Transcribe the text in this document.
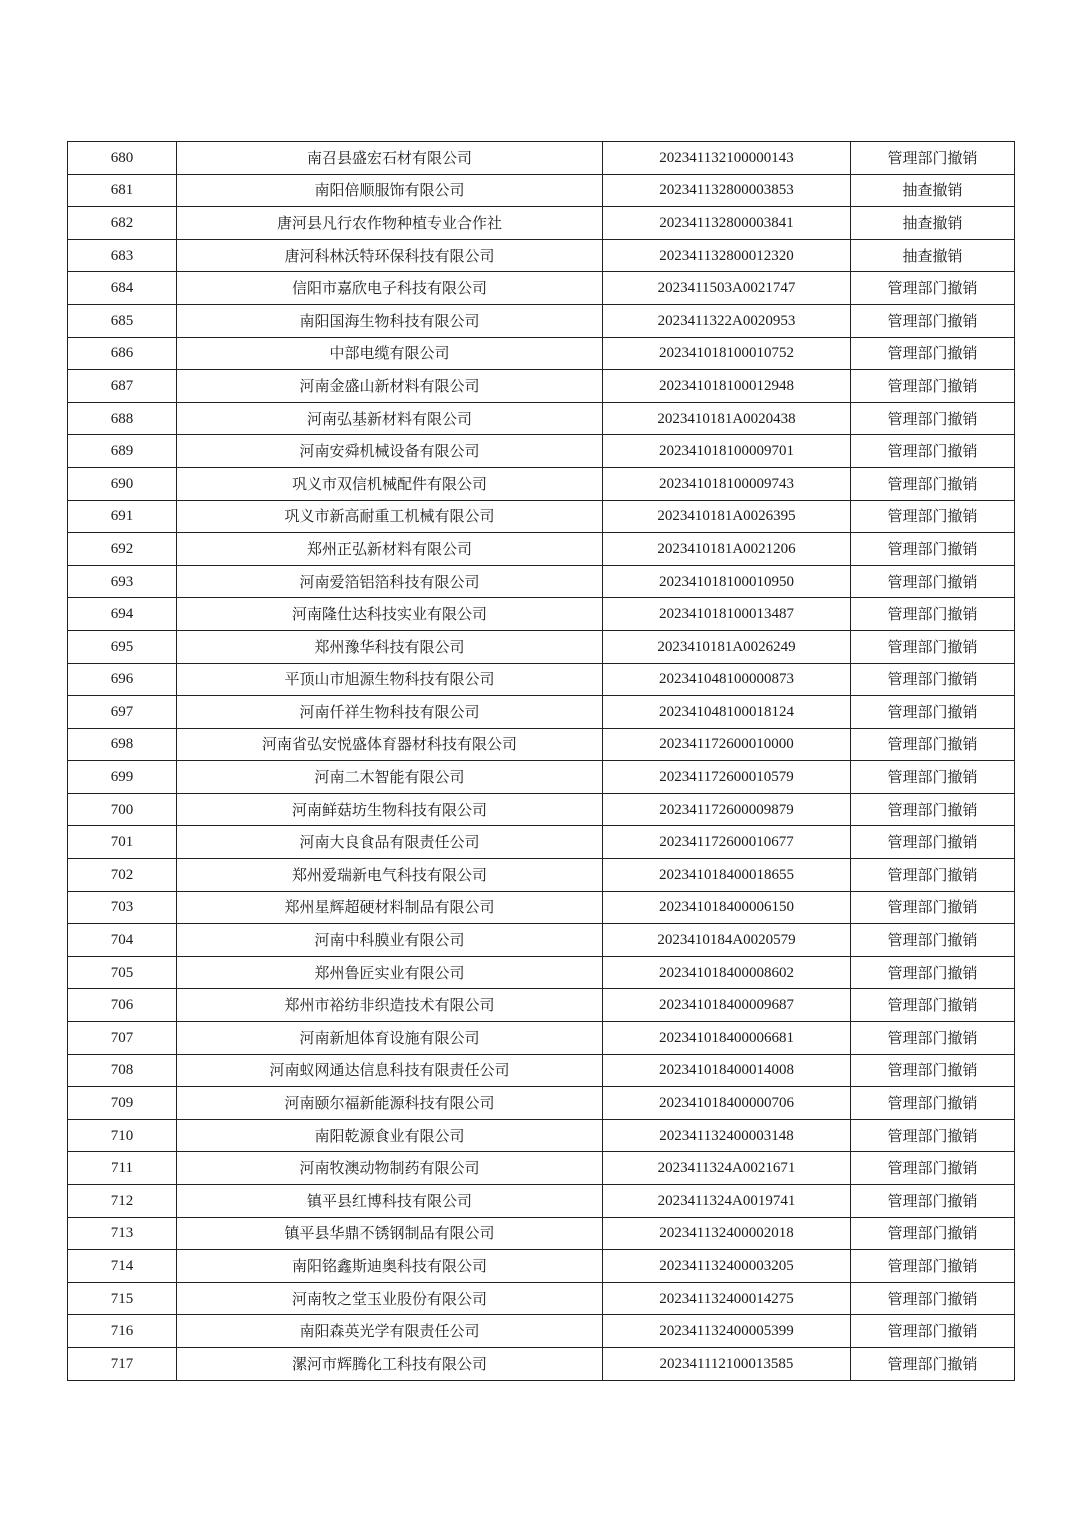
680	南召县盛宏石材有限公司	202341132100000143	管理部门撤销
681	南阳倍顺服饰有限公司	202341132800003853	抽查撤销
682	唐河县凡行农作物种植专业合作社	202341132800003841	抽查撤销
683	唐河科林沃特环保科技有限公司	202341132800012320	抽查撤销
684	信阳市嘉欣电子科技有限公司	2023411503A0021747	管理部门撤销
685	南阳国海生物科技有限公司	2023411322A0020953	管理部门撤销
686	中部电缆有限公司	202341018100010752	管理部门撤销
687	河南金盛山新材料有限公司	202341018100012948	管理部门撤销
688	河南弘基新材料有限公司	2023410181A0020438	管理部门撤销
689	河南安舜机械设备有限公司	202341018100009701	管理部门撤销
690	巩义市双信机械配件有限公司	202341018100009743	管理部门撤销
691	巩义市新高耐重工机械有限公司	2023410181A0026395	管理部门撤销
692	郑州正弘新材料有限公司	2023410181A0021206	管理部门撤销
693	河南爱箔铝箔科技有限公司	202341018100010950	管理部门撤销
694	河南隆仕达科技实业有限公司	202341018100013487	管理部门撤销
695	郑州豫华科技有限公司	2023410181A0026249	管理部门撤销
696	平顶山市旭源生物科技有限公司	202341048100000873	管理部门撤销
697	河南仟祥生物科技有限公司	202341048100018124	管理部门撤销
698	河南省弘安悦盛体育器材科技有限公司	202341172600010000	管理部门撤销
699	河南二木智能有限公司	202341172600010579	管理部门撤销
700	河南鲜菇坊生物科技有限公司	202341172600009879	管理部门撤销
701	河南大良食品有限责任公司	202341172600010677	管理部门撤销
702	郑州爱瑞新电气科技有限公司	202341018400018655	管理部门撤销
703	郑州星辉超硬材料制品有限公司	202341018400006150	管理部门撤销
704	河南中科膜业有限公司	2023410184A0020579	管理部门撤销
705	郑州鲁匠实业有限公司	202341018400008602	管理部门撤销
706	郑州市裕纺非织造技术有限公司	202341018400009687	管理部门撤销
707	河南新旭体育设施有限公司	202341018400006681	管理部门撤销
708	河南蚁网通达信息科技有限责任公司	202341018400014008	管理部门撤销
709	河南颐尔福新能源科技有限公司	202341018400000706	管理部门撤销
710	南阳乾源食业有限公司	202341132400003148	管理部门撤销
711	河南牧澳动物制药有限公司	2023411324A0021671	管理部门撤销
712	镇平县红博科技有限公司	2023411324A0019741	管理部门撤销
713	镇平县华鼎不锈钢制品有限公司	202341132400002018	管理部门撤销
714	南阳铭鑫斯迪奥科技有限公司	202341132400003205	管理部门撤销
715	河南牧之堂玉业股份有限公司	202341132400014275	管理部门撤销
716	南阳森英光学有限责任公司	202341132400005399	管理部门撤销
717	漯河市辉腾化工科技有限公司	202341112100013585	管理部门撤销
